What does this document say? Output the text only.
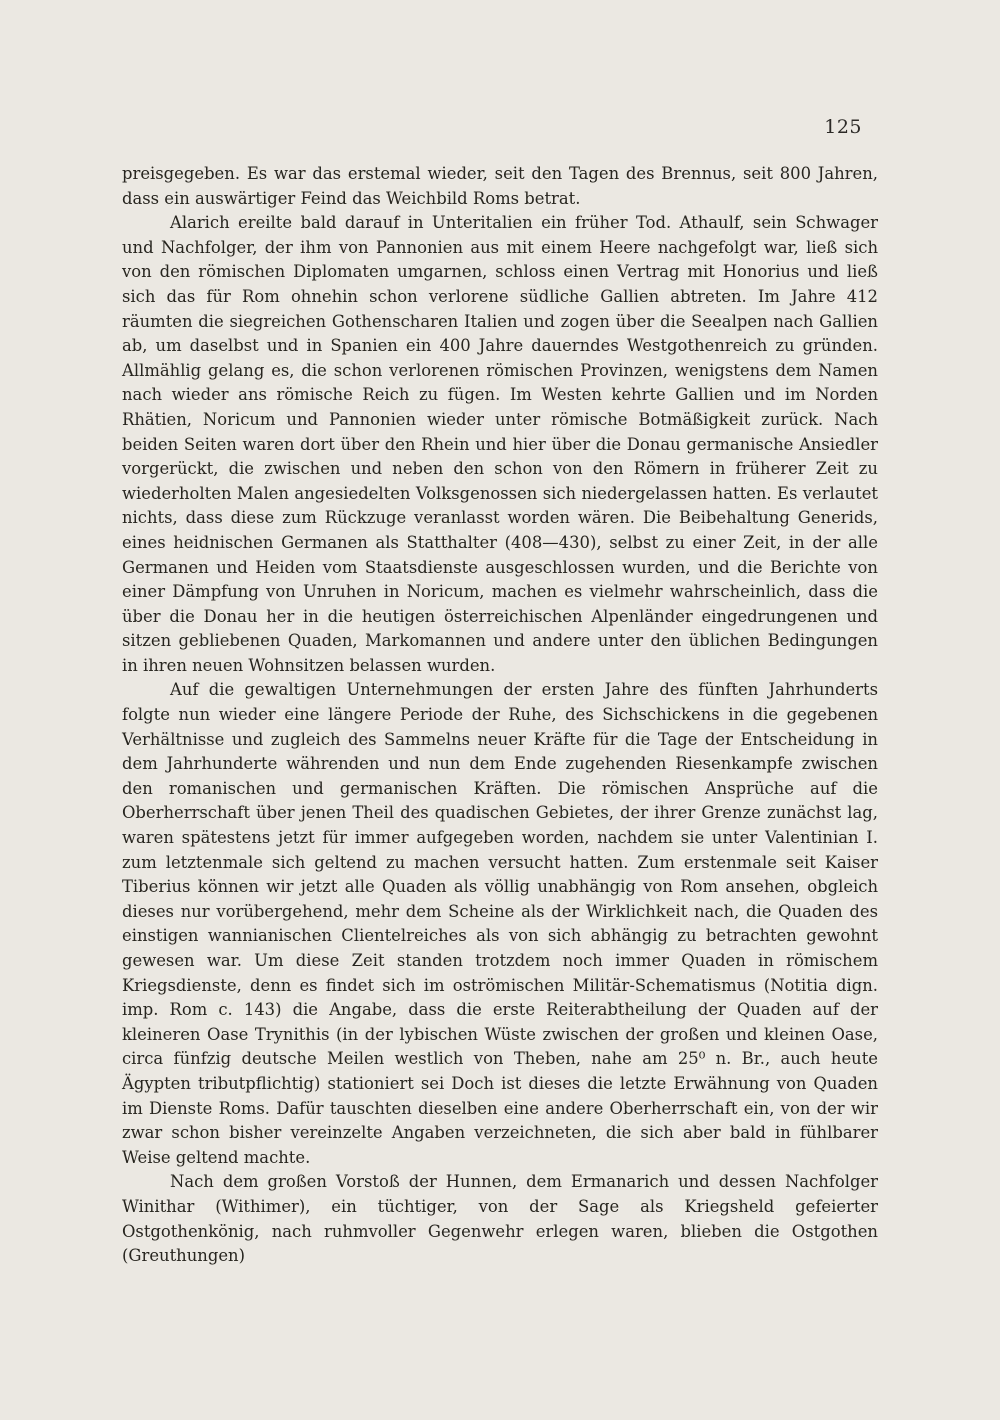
125

preisgegeben. Es war das erstemal wieder, seit den Tagen des Brennus, seit 800 Jahren, dass ein auswärtiger Feind das Weichbild Roms betrat.

Alarich ereilte bald darauf in Unteritalien ein früher Tod. Athaulf, sein Schwager und Nachfolger, der ihm von Pannonien aus mit einem Heere nachgefolgt war, ließ sich von den römischen Diplomaten umgarnen, schloss einen Vertrag mit Honorius und ließ sich das für Rom ohnehin schon verlorene südliche Gallien abtreten. Im Jahre 412 räumten die siegreichen Gothenscharen Italien und zogen über die Seealpen nach Gallien ab, um daselbst und in Spanien ein 400 Jahre dauerndes Westgothenreich zu gründen. Allmählig gelang es, die schon verlorenen römischen Provinzen, wenigstens dem Namen nach wieder ans römische Reich zu fügen. Im Westen kehrte Gallien und im Norden Rhätien, Noricum und Pannonien wieder unter römische Botmäßigkeit zurück. Nach beiden Seiten waren dort über den Rhein und hier über die Donau germanische Ansiedler vorgerückt, die zwischen und neben den schon von den Römern in früherer Zeit zu wiederholten Malen angesiedelten Volksgenossen sich niedergelassen hatten. Es verlautet nichts, dass diese zum Rückzuge veranlasst worden wären. Die Beibehaltung Generids, eines heidnischen Germanen als Statthalter (408—430), selbst zu einer Zeit, in der alle Germanen und Heiden vom Staatsdienste ausgeschlossen wurden, und die Berichte von einer Dämpfung von Unruhen in Noricum, machen es vielmehr wahrscheinlich, dass die über die Donau her in die heutigen österreichischen Alpenländer eingedrungenen und sitzen gebliebenen Quaden, Markomannen und andere unter den üblichen Bedingungen in ihren neuen Wohnsitzen belassen wurden.

Auf die gewaltigen Unternehmungen der ersten Jahre des fünften Jahrhunderts folgte nun wieder eine längere Periode der Ruhe, des Sichschickens in die gegebenen Verhältnisse und zugleich des Sammelns neuer Kräfte für die Tage der Entscheidung in dem Jahrhunderte währenden und nun dem Ende zugehenden Riesenkampfe zwischen den romanischen und germanischen Kräften. Die römischen Ansprüche auf die Oberherrschaft über jenen Theil des quadischen Gebietes, der ihrer Grenze zunächst lag, waren spätestens jetzt für immer aufgegeben worden, nachdem sie unter Valentinian I. zum letztenmale sich geltend zu machen versucht hatten. Zum erstenmale seit Kaiser Tiberius können wir jetzt alle Quaden als völlig unabhängig von Rom ansehen, obgleich dieses nur vorübergehend, mehr dem Scheine als der Wirklichkeit nach, die Quaden des einstigen wannianischen Clientelreiches als von sich abhängig zu betrachten gewohnt gewesen war. Um diese Zeit standen trotzdem noch immer Quaden in römischem Kriegsdienste, denn es findet sich im oströmischen Militär-Schematismus (Notitia dign. imp. Rom c. 143) die Angabe, dass die erste Reiterabtheilung der Quaden auf der kleineren Oase Trynithis (in der lybischen Wüste zwischen der großen und kleinen Oase, circa fünfzig deutsche Meilen westlich von Theben, nahe am 25⁰ n. Br., auch heute Ägypten tributpflichtig) stationiert sei Doch ist dieses die letzte Erwähnung von Quaden im Dienste Roms. Dafür tauschten dieselben eine andere Oberherrschaft ein, von der wir zwar schon bisher vereinzelte Angaben verzeichneten, die sich aber bald in fühlbarer Weise geltend machte.

Nach dem großen Vorstoß der Hunnen, dem Ermanarich und dessen Nachfolger Winithar (Withimer), ein tüchtiger, von der Sage als Kriegsheld gefeierter Ostgothenkönig, nach ruhmvoller Gegenwehr erlegen waren, blieben die Ostgothen (Greuthungen)
